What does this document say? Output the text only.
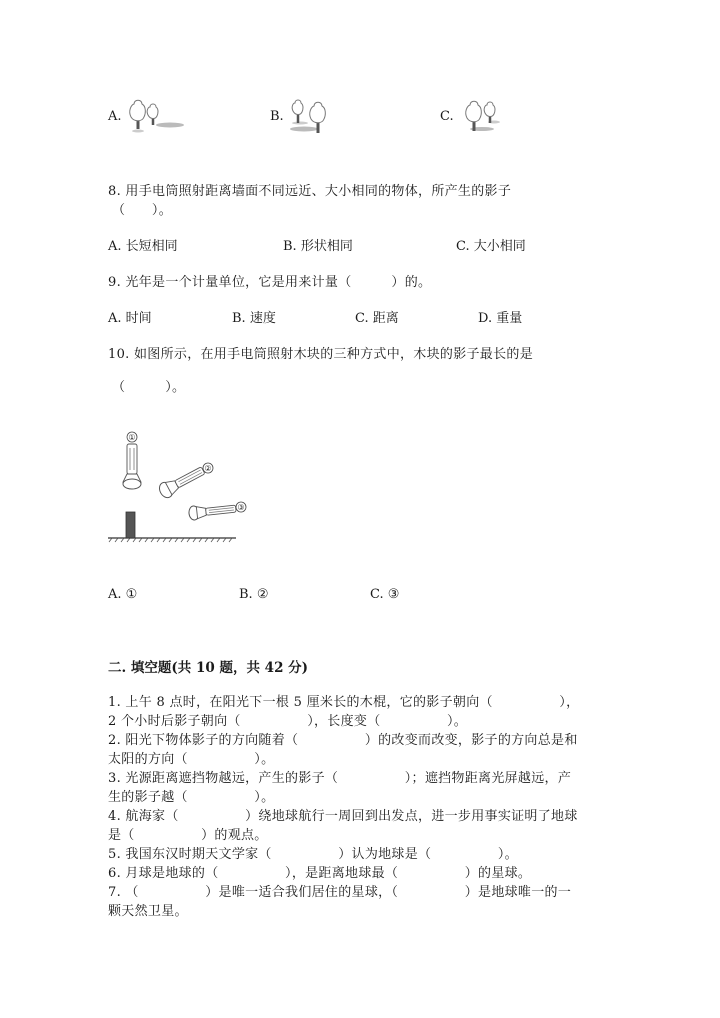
A.	B.	C.
8. 用手电筒照射距离墙面不同远近、大小相同的物体，所产生的影子
（　　）。
A. 长短相同	B. 形状相同	C. 大小相同
9. 光年是一个计量单位，它是用来计量（　　　）的。
A. 时间	B. 速度	C. 距离	D. 重量
10. 如图所示，在用手电筒照射木块的三种方式中，木块的影子最长的是
（　　　）。
①
②
③
A. ①	B. ②	C. ③
二. 填空题(共 10 题，共 42 分)
1. 上午 8 点时，在阳光下一根 5 厘米长的木棍，它的影子朝向（　　　　　），
2 个小时后影子朝向（　　　　　），长度变（　　　　　）。
2. 阳光下物体影子的方向随着（　　　　　）的改变而改变，影子的方向总是和
太阳的方向（　　　　　）。
3. 光源距离遮挡物越远，产生的影子（　　　　　）；遮挡物距离光屏越远，产
生的影子越（　　　　　）。
4. 航海家（　　　　　）绕地球航行一周回到出发点，进一步用事实证明了地球
是（　　　　　）的观点。
5. 我国东汉时期天文学家（　　　　　）认为地球是（　　　　　）。
6. 月球是地球的（　　　　　），是距离地球最（　　　　　）的星球。
7. （　　　　　）是唯一适合我们居住的星球，（　　　　　）是地球唯一的一
颗天然卫星。
